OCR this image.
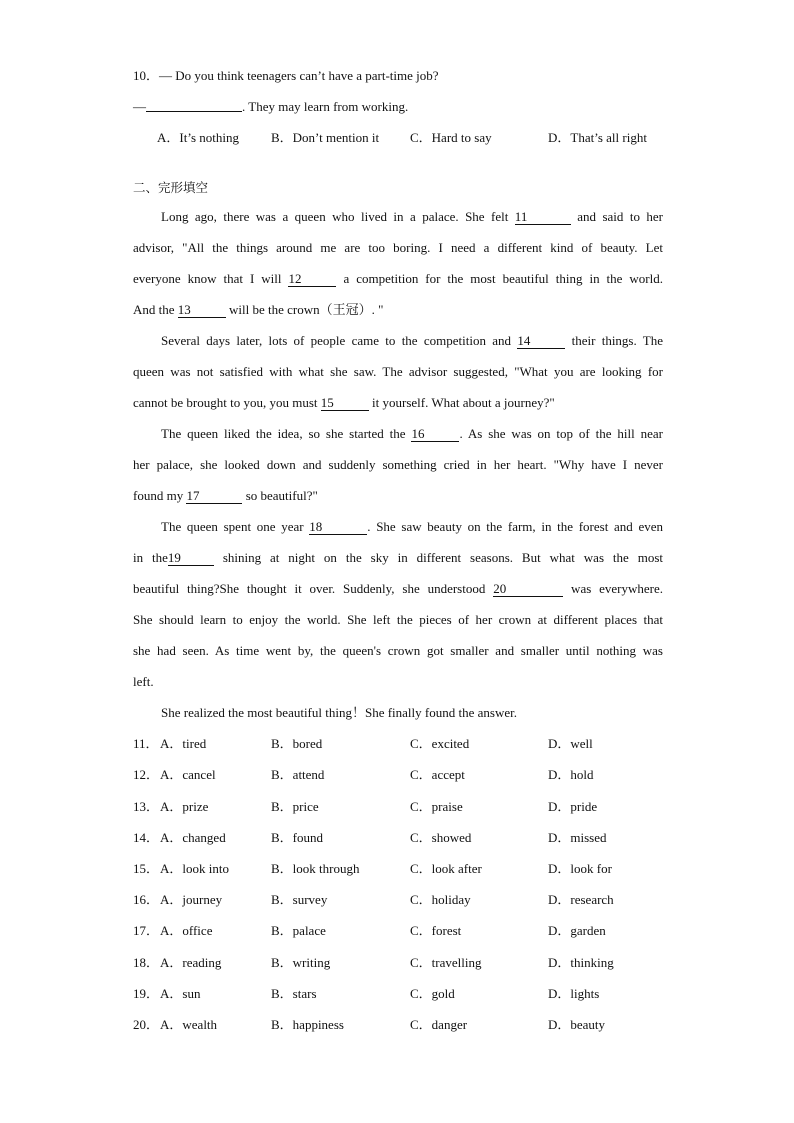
10．— Do you think teenagers can’t have a part-time job?
—	. They may learn from working.
A．It’s nothing B．Don’t mention it C．Hard to say	D．That’s all right
二、完形填空
Long ago, there was a queen who lived in a palace. She felt 11	and said to her
advisor, "All the things around me are too boring. I need a different kind of beauty. Let
everyone know that I will 12	a competition for the most beautiful thing in the world.
And the 13	will be the crown（王冠）. "
Several days later, lots of people came to the competition and 14	their things. The
queen was not satisfied with what she saw. The advisor suggested, "What you are looking for
cannot be brought to you, you must 15	it yourself. What about a journey?"
The queen liked the idea, so she started the 16	. As she was on top of the hill near
her palace, she looked down and suddenly something cried in her heart. "Why have I never
found my 17	so beautiful?"
The queen spent one year 18	. She saw beauty on the farm, in the forest and even
in the19	shining at night on the sky in different seasons. But what was the most
beautiful thing?She thought it over. Suddenly, she understood 20	was everywhere.
She should learn to enjoy the world. She left the pieces of her crown at different places that
she had seen. As time went by, the queen's crown got smaller and smaller until nothing was
left.
She realized the most beautiful thing！She finally found the answer.
11． A．tired	B．bored	C．excited	D．well
12． A．cancel	B．attend	C．accept	D．hold
13． A．prize	B．price	C．praise	D．pride
14． A．changed	B．found	C．showed	D．missed
15． A．look into	B．look through	C．look after	D．look for
16． A．journey	B．survey	C．holiday	D．research
17． A．office	B．palace	C．forest	D．garden
18． A．reading	B．writing	C．travelling	D．thinking
19． A．sun	B．stars	C．gold	D．lights
20． A．wealth	B．happiness	C．danger	D．beauty
